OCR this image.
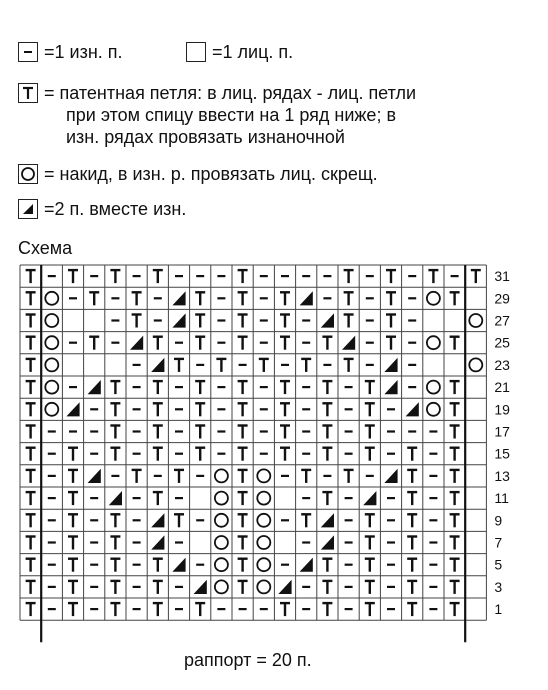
=1 изн. п.	=1 лиц. п.
= патентная петля: в лиц. рядах - лиц. петли
при этом спицу ввести на 1 ряд ниже; в
изн. рядах провязать изнаночной
= накид, в изн. р. провязать лиц. скрещ.
=2 п. вместе изн.
Схема
31
29
27
25
23
21
19
17
15
13
11
9
7
5
3
1
раппорт = 20 п.
